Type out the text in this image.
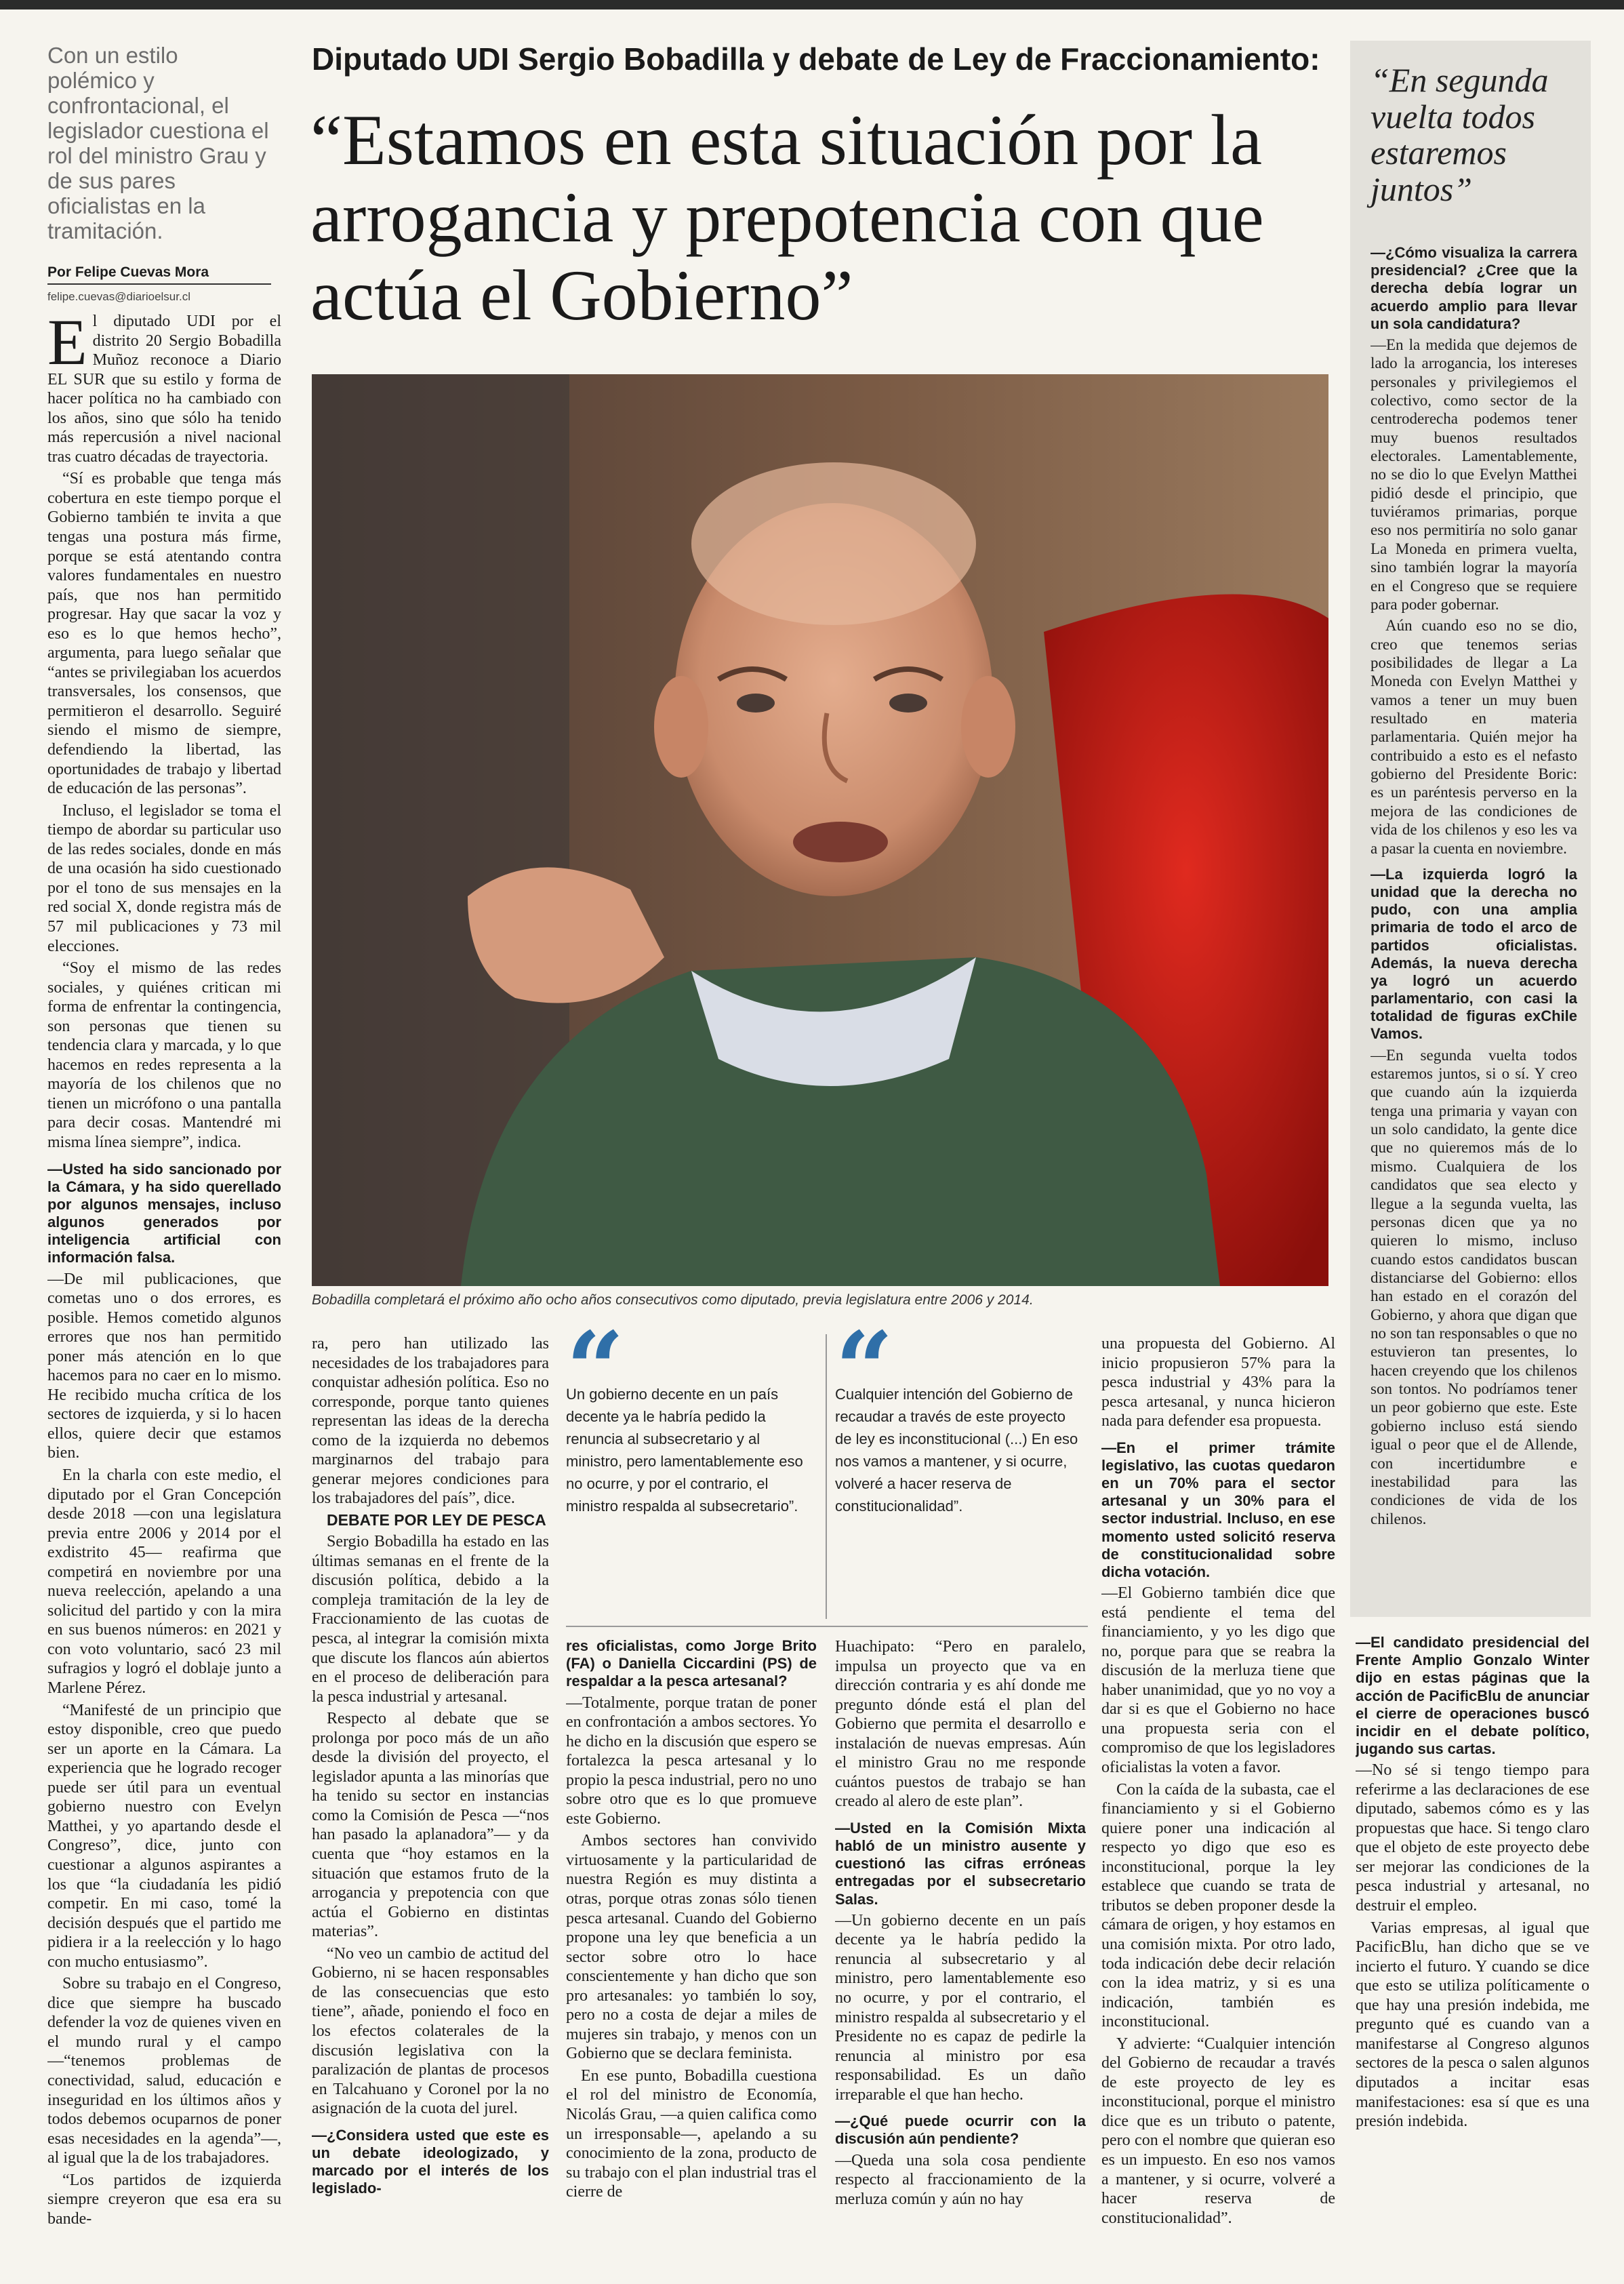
Con un estilo polémico y confrontacional, el legislador cuestiona el rol del ministro Grau y de sus pares oficialistas en la tramitación.
Por Felipe Cuevas Mora
felipe.cuevas@diarioelsur.cl
Diputado UDI Sergio Bobadilla y debate de Ley de Fraccionamiento:
“Estamos en esta situación por la arrogancia y prepotencia con que actúa el Gobierno”
Bobadilla completará el próximo año ocho años consecutivos como diputado, previa legislatura entre 2006 y 2014.

El diputado UDI por el distrito 20 Sergio Bobadilla Muñoz reconoce a Diario EL SUR que su estilo y forma de hacer política no ha cambiado con los años, sino que sólo ha tenido más repercusión a nivel nacional tras cuatro décadas de trayectoria.

“Sí es probable que tenga más cobertura en este tiempo porque el Gobierno también te invita a que tengas una postura más firme, porque se está atentando contra valores fundamentales en nuestro país, que nos han permitido progresar. Hay que sacar la voz y eso es lo que hemos hecho”, argumenta, para luego señalar que “antes se privilegiaban los acuerdos transversales, los consensos, que permitieron el desarrollo. Seguiré siendo el mismo de siempre, defendiendo la libertad, las oportunidades de trabajo y libertad de educación de las personas”.

Incluso, el legislador se toma el tiempo de abordar su particular uso de las redes sociales, donde en más de una ocasión ha sido cuestionado por el tono de sus mensajes en la red social X, donde registra más de 57 mil publicaciones y 73 mil elecciones.

“Soy el mismo de las redes sociales, y quiénes critican mi forma de enfrentar la contingencia, son personas que tienen su tendencia clara y marcada, y lo que hacemos en redes representa a la mayoría de los chilenos que no tienen un micrófono o una pantalla para decir cosas. Mantendré mi misma línea siempre”, indica.

—Usted ha sido sancionado por la Cámara, y ha sido querellado por algunos mensajes, incluso algunos generados por inteligencia artificial con información falsa.

—De mil publicaciones, que cometas uno o dos errores, es posible. Hemos cometido algunos errores que nos han permitido poner más atención en lo que hacemos para no caer en lo mismo. He recibido mucha crítica de los sectores de izquierda, y si lo hacen ellos, quiere decir que estamos bien.

En la charla con este medio, el diputado por el Gran Concepción desde 2018 —con una legislatura previa entre 2006 y 2014 por el exdistrito 45— reafirma que competirá en noviembre por una nueva reelección, apelando a una solicitud del partido y con la mira en sus buenos números: en 2021 y con voto voluntario, sacó 23 mil sufragios y logró el doblaje junto a Marlene Pérez.

“Manifesté de un principio que estoy disponible, creo que puedo ser un aporte en la Cámara. La experiencia que he logrado recoger puede ser útil para un eventual gobierno nuestro con Evelyn Matthei, y yo apartando desde el Congreso”, dice, junto con cuestionar a algunos aspirantes a los que “la ciudadanía les pidió competir. En mi caso, tomé la decisión después que el partido me pidiera ir a la reelección y lo hago con mucho entusiasmo”.

Sobre su trabajo en el Congreso, dice que siempre ha buscado defender la voz de quienes viven en el mundo rural y el campo —“tenemos problemas de conectividad, salud, educación e inseguridad en los últimos años y todos debemos ocuparnos de poner esas necesidades en la agenda”—, al igual que la de los trabajadores.

“Los partidos de izquierda siempre creyeron que esa era su bande-

ra, pero han utilizado las necesidades de los trabajadores para conquistar adhesión política. Eso no corresponde, porque tanto quienes representan las ideas de la derecha como de la izquierda no debemos marginarnos del trabajo para generar mejores condiciones para los trabajadores del país”, dice.

DEBATE POR LEY DE PESCA

Sergio Bobadilla ha estado en las últimas semanas en el frente de la discusión política, debido a la compleja tramitación de la ley de Fraccionamiento de las cuotas de pesca, al integrar la comisión mixta que discute los flancos aún abiertos en el proceso de deliberación para la pesca industrial y artesanal.

Respecto al debate que se prolonga por poco más de un año desde la división del proyecto, el legislador apunta a las minorías que ha tenido su sector en instancias como la Comisión de Pesca —“nos han pasado la aplanadora”— y da cuenta que “hoy estamos en la situación que estamos fruto de la arrogancia y prepotencia con que actúa el Gobierno en distintas materias”.

“No veo un cambio de actitud del Gobierno, ni se hacen responsables de las consecuencias que esto tiene”, añade, poniendo el foco en los efectos colaterales de la discusión legislativa con la paralización de plantas de procesos en Talcahuano y Coronel por la no asignación de la cuota del jurel.

—¿Considera usted que este es un debate ideologizado, y marcado por el interés de los legislado-

“
Un gobierno decente en un país decente ya le habría pedido la renuncia al subsecretario y al ministro, pero lamentablemente eso no ocurre, y por el contrario, el ministro respalda al subsecretario”.
“
Cualquier intención del Gobierno de recaudar a través de este proyecto de ley es inconstitucional (...) En eso nos vamos a mantener, y si ocurre, volveré a hacer reserva de constitucionalidad”.

res oficialistas, como Jorge Brito (FA) o Daniella Ciccardini (PS) de respaldar a la pesca artesanal?

—Totalmente, porque tratan de poner en confrontación a ambos sectores. Yo he dicho en la discusión que espero se fortalezca la pesca artesanal y lo propio la pesca industrial, pero no uno sobre otro que es lo que promueve este Gobierno.

Ambos sectores han convivido virtuosamente y la particularidad de nuestra Región es muy distinta a otras, porque otras zonas sólo tienen pesca artesanal. Cuando del Gobierno propone una ley que beneficia a un sector sobre otro lo hace conscientemente y han dicho que son pro artesanales: yo también lo soy, pero no a costa de dejar a miles de mujeres sin trabajo, y menos con un Gobierno que se declara feminista.

En ese punto, Bobadilla cuestiona el rol del ministro de Economía, Nicolás Grau, —a quien califica como un irresponsable—, apelando a su conocimiento de la zona, producto de su trabajo con el plan industrial tras el cierre de

Huachipato: “Pero en paralelo, impulsa un proyecto que va en dirección contraria y es ahí donde me pregunto dónde está el plan del Gobierno que permita el desarrollo e instalación de nuevas empresas. Aún el ministro Grau no me responde cuántos puestos de trabajo se han creado al alero de este plan”.

—Usted en la Comisión Mixta habló de un ministro ausente y cuestionó las cifras erróneas entregadas por el subsecretario Salas.

—Un gobierno decente en un país decente ya le habría pedido la renuncia al subsecretario y al ministro, pero lamentablemente eso no ocurre, y por el contrario, el ministro respalda al subsecretario y el Presidente no es capaz de pedirle la renuncia al ministro por esa responsabilidad. Es un daño irreparable el que han hecho.

—¿Qué puede ocurrir con la discusión aún pendiente?

—Queda una sola cosa pendiente respecto al fraccionamiento de la merluza común y aún no hay

una propuesta del Gobierno. Al inicio propusieron 57% para la pesca industrial y 43% para la pesca artesanal, y nunca hicieron nada para defender esa propuesta.

—En el primer trámite legislativo, las cuotas quedaron en un 70% para el sector artesanal y un 30% para el sector industrial. Incluso, en ese momento usted solicitó reserva de constitucionalidad sobre dicha votación.

—El Gobierno también dice que está pendiente el tema del financiamiento, y yo les digo que no, porque para que se reabra la discusión de la merluza tiene que haber unanimidad, que yo no voy a dar si es que el Gobierno no hace una propuesta seria con el compromiso de que los legisladores oficialistas la voten a favor.

Con la caída de la subasta, cae el financiamiento y si el Gobierno quiere poner una indicación al respecto yo digo que eso es inconstitucional, porque la ley establece que cuando se trata de tributos se deben proponer desde la cámara de origen, y hoy estamos en una comisión mixta. Por otro lado, toda indicación debe decir relación con la idea matriz, y si es una indicación, también es inconstitucional.

Y advierte: “Cualquier intención del Gobierno de recaudar a través de este proyecto de ley es inconstitucional, porque el ministro dice que es un tributo o patente, pero con el nombre que quieran eso es un impuesto. En eso nos vamos a mantener, y si ocurre, volveré a hacer reserva de constitucionalidad”.

“En segunda vuelta todos estaremos juntos”

—¿Cómo visualiza la carrera presidencial? ¿Cree que la derecha debía lograr un acuerdo amplio para llevar un sola candidatura?

—En la medida que dejemos de lado la arrogancia, los intereses personales y privilegiemos el colectivo, como sector de la centroderecha podemos tener muy buenos resultados electorales. Lamentablemente, no se dio lo que Evelyn Matthei pidió desde el principio, que tuviéramos primarias, porque eso nos permitiría no solo ganar La Moneda en primera vuelta, sino también lograr la mayoría en el Congreso que se requiere para poder gobernar.

Aún cuando eso no se dio, creo que tenemos serias posibilidades de llegar a La Moneda con Evelyn Matthei y vamos a tener un muy buen resultado en materia parlamentaria. Quién mejor ha contribuido a esto es el nefasto gobierno del Presidente Boric: es un paréntesis perverso en la mejora de las condiciones de vida de los chilenos y eso les va a pasar la cuenta en noviembre.

—La izquierda logró la unidad que la derecha no pudo, con una amplia primaria de todo el arco de partidos oficialistas. Además, la nueva derecha ya logró un acuerdo parlamentario, con casi la totalidad de figuras exChile Vamos.

—En segunda vuelta todos estaremos juntos, si o sí. Y creo que cuando aún la izquierda tenga una primaria y vayan con un solo candidato, la gente dice que no quieremos más de lo mismo. Cualquiera de los candidatos que sea electo y llegue a la segunda vuelta, las personas dicen que ya no quieren lo mismo, incluso cuando estos candidatos buscan distanciarse del Gobierno: ellos han estado en el corazón del Gobierno, y ahora que digan que no son tan responsables o que no estuvieron tan presentes, lo hacen creyendo que los chilenos son tontos. No podríamos tener un peor gobierno que este. Este gobierno incluso está siendo igual o peor que el de Allende, con incertidumbre e inestabilidad para las condiciones de vida de los chilenos.

—El candidato presidencial del Frente Amplio Gonzalo Winter dijo en estas páginas que la acción de PacificBlu de anunciar el cierre de operaciones buscó incidir en el debate político, jugando sus cartas.

—No sé si tengo tiempo para referirme a las declaraciones de ese diputado, sabemos cómo es y las propuestas que hace. Si tengo claro que el objeto de este proyecto debe ser mejorar las condiciones de la pesca industrial y artesanal, no destruir el empleo.

Varias empresas, al igual que PacificBlu, han dicho que se ve incierto el futuro. Y cuando se dice que esto se utiliza políticamente o que hay una presión indebida, me pregunto qué es cuando van a manifestarse al Congreso algunos sectores de la pesca o salen algunos diputados a incitar esas manifestaciones: esa sí que es una presión indebida.
